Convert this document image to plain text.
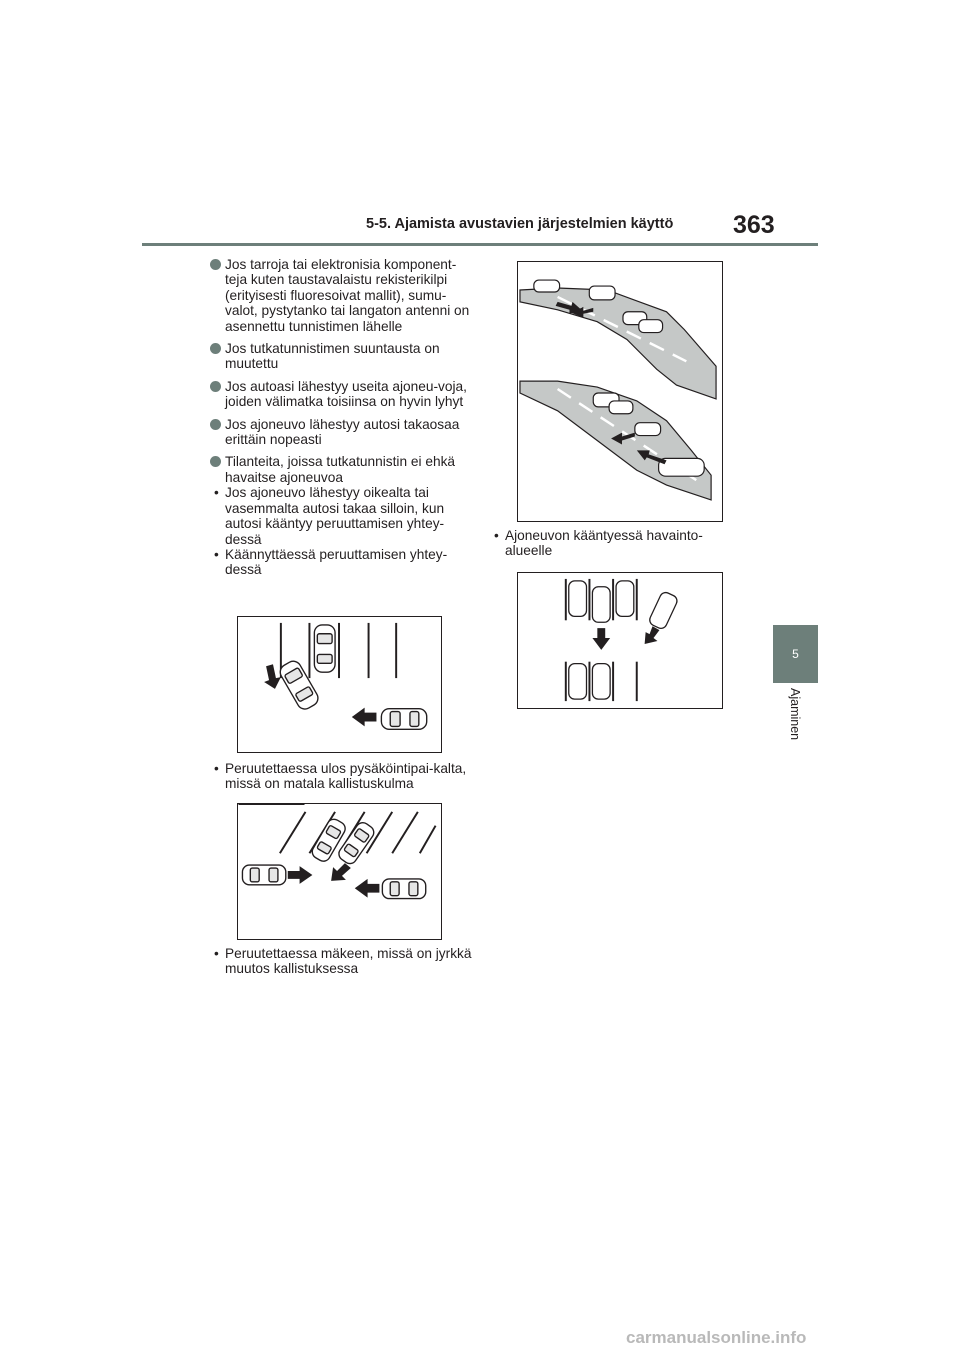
5-5. Ajamista avustavien järjestelmien käyttö	363
5
Ajaminen
Jos tarroja tai elektronisia komponent-teja kuten taustavalaistu rekisterikilpi (erityisesti fluoresoivat mallit), sumu-valot, pystytanko tai langaton antenni on asennettu tunnistimen lähelle
Jos tutkatunnistimen suuntausta on muutettu
Jos autoasi lähestyy useita ajoneu-voja, joiden välimatka toisiinsa on hyvin lyhyt
Jos ajoneuvo lähestyy autosi takaosaa erittäin nopeasti
Tilanteita, joissa tutkatunnistin ei ehkä havaitse ajoneuvoa
• Jos ajoneuvo lähestyy oikealta tai vasemmalta autosi takaa silloin, kun autosi kääntyy peruuttamisen yhtey-dessä
• Käännyttäessä peruuttamisen yhtey-dessä
• Peruutettaessa ulos pysäköintipai-kalta, missä on matala kallistuskulma
• Peruutettaessa mäkeen, missä on jyrkkä muutos kallistuksessa
• Ajoneuvon kääntyessä havainto-alueelle
carmanualsonline.info
